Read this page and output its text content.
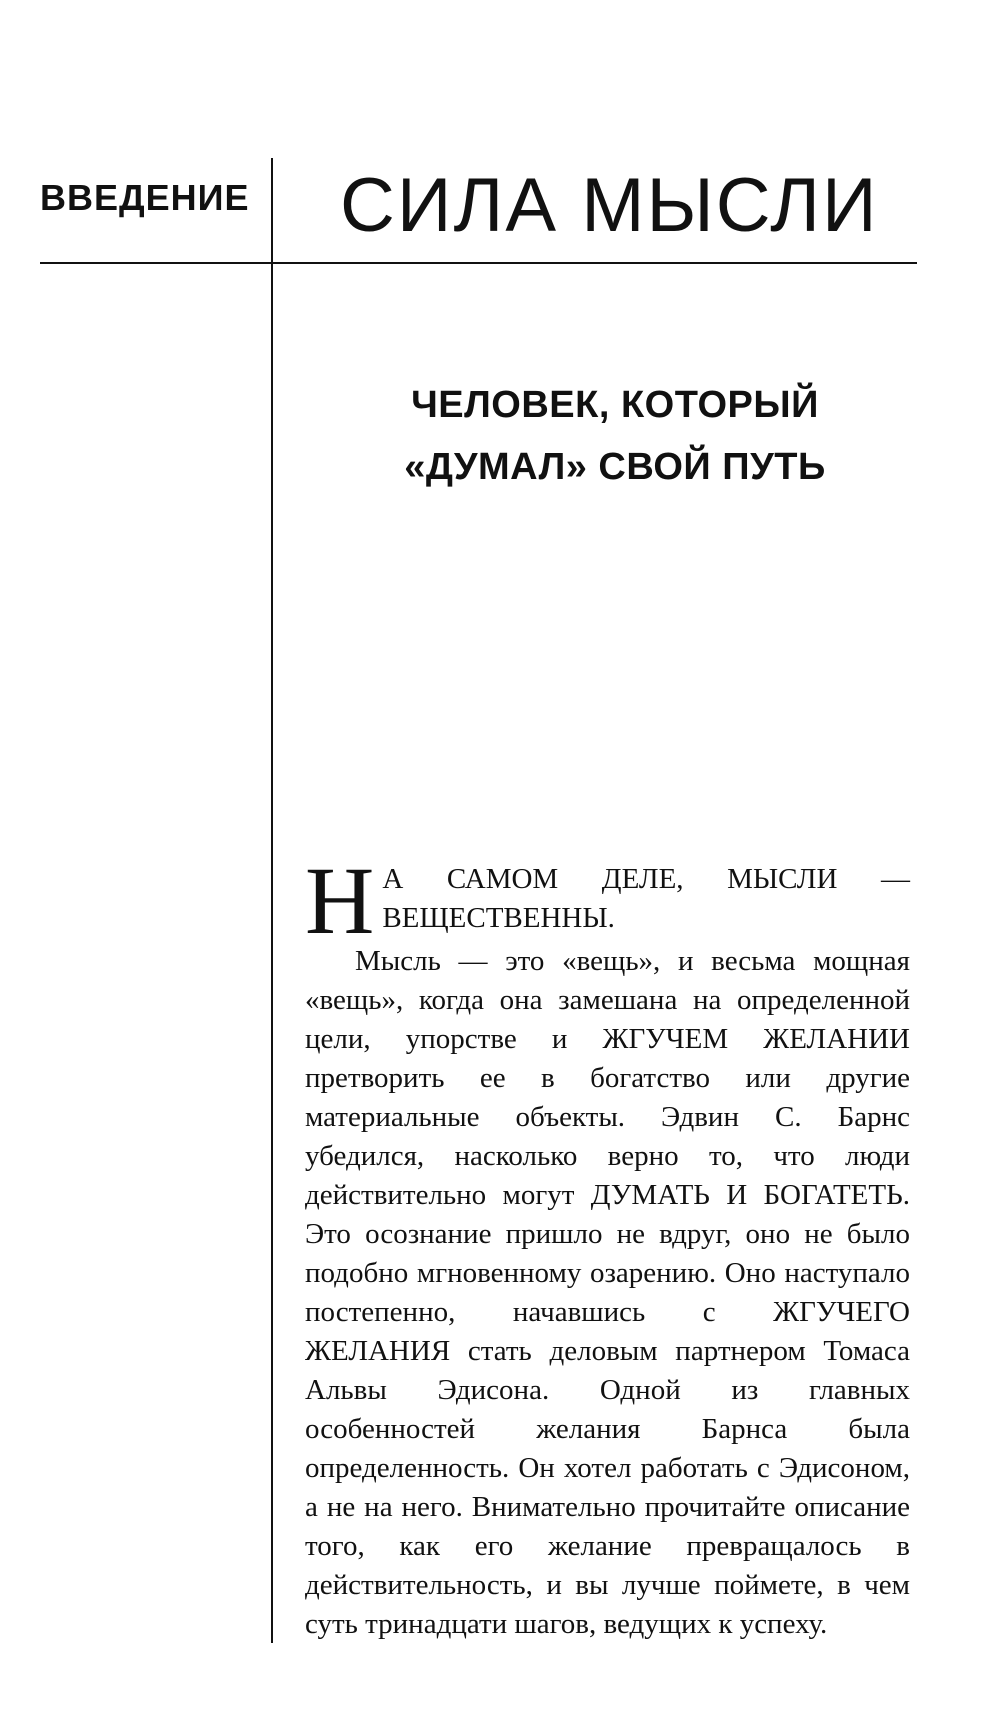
ВВЕДЕНИЕ СИЛА МЫСЛИ
ЧЕЛОВЕК, КОТОРЫЙ
«ДУМАЛ» СВОЙ ПУТЬ

Н А САМОМ ДЕЛЕ, МЫСЛИ — ВЕЩЕСТВЕННЫ.

Мысль — это «вещь», и весьма мощная «вещь», когда она замешана на определенной цели, упорстве и ЖГУЧЕМ ЖЕЛАНИИ претворить ее в богатство или другие материальные объекты. Эдвин С. Барнс убедился, насколько верно то, что люди действительно могут ДУМАТЬ И БОГАТЕТЬ. Это осознание пришло не вдруг, оно не было подобно мгновенному озарению. Оно наступало постепенно, начавшись с ЖГУЧЕГО ЖЕЛАНИЯ стать деловым партнером Томаса Альвы Эдисона. Одной из главных особенностей желания Барнса была определенность. Он хотел работать с Эдисоном, а не на него. Внимательно прочитайте описание того, как его желание превращалось в действительность, и вы лучше поймете, в чем суть тринадцати шагов, ведущих к успеху.
